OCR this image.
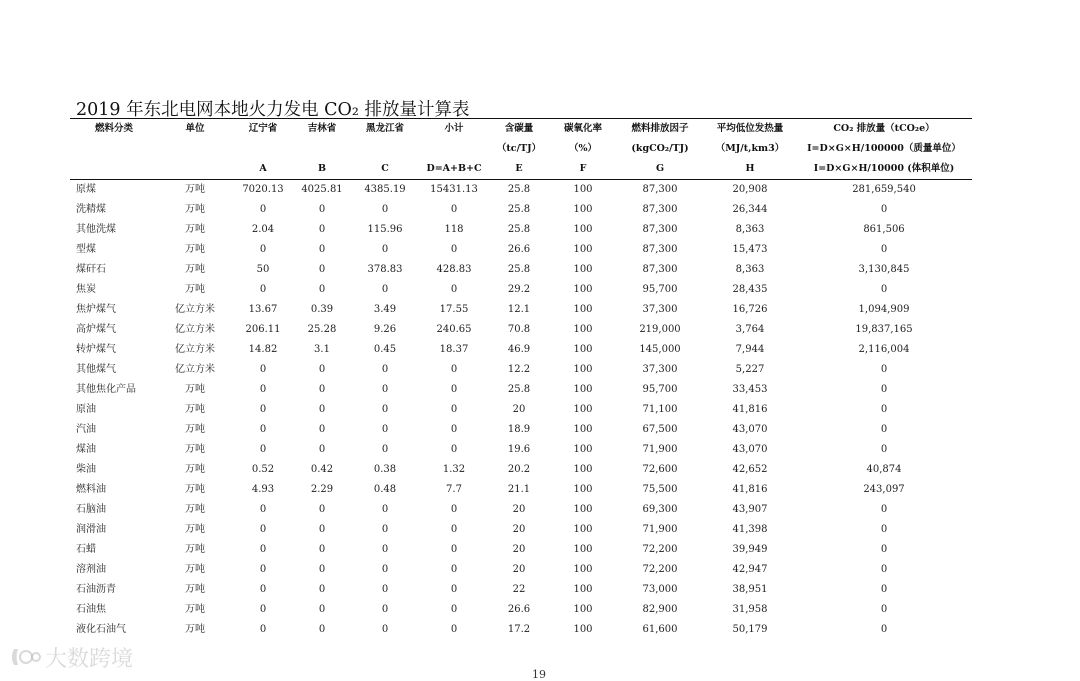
2019 年东北电网本地火力发电 CO₂ 排放量计算表
燃料分类	单位	辽宁省	吉林省	黑龙江省	小计	含碳量	碳氧化率	燃料排放因子	平均低位发热量	CO₂ 排放量（tCO₂e）
						（tc/TJ）	（%）	(kgCO₂/TJ)	（MJ/t,km3）	I=D×G×H/100000（质量单位）
		A	B	C	D=A+B+C	E	F	G	H	I=D×G×H/10000 (体积单位)
原煤	万吨	7020.13	4025.81	4385.19	15431.13	25.8	100	87,300	20,908	281,659,540
洗精煤	万吨	0	0	0	0	25.8	100	87,300	26,344	0
其他洗煤	万吨	2.04	0	115.96	118	25.8	100	87,300	8,363	861,506
型煤	万吨	0	0	0	0	26.6	100	87,300	15,473	0
煤矸石	万吨	50	0	378.83	428.83	25.8	100	87,300	8,363	3,130,845
焦炭	万吨	0	0	0	0	29.2	100	95,700	28,435	0
焦炉煤气	亿立方米	13.67	0.39	3.49	17.55	12.1	100	37,300	16,726	1,094,909
高炉煤气	亿立方米	206.11	25.28	9.26	240.65	70.8	100	219,000	3,764	19,837,165
转炉煤气	亿立方米	14.82	3.1	0.45	18.37	46.9	100	145,000	7,944	2,116,004
其他煤气	亿立方米	0	0	0	0	12.2	100	37,300	5,227	0
其他焦化产品	万吨	0	0	0	0	25.8	100	95,700	33,453	0
原油	万吨	0	0	0	0	20	100	71,100	41,816	0
汽油	万吨	0	0	0	0	18.9	100	67,500	43,070	0
煤油	万吨	0	0	0	0	19.6	100	71,900	43,070	0
柴油	万吨	0.52	0.42	0.38	1.32	20.2	100	72,600	42,652	40,874
燃料油	万吨	4.93	2.29	0.48	7.7	21.1	100	75,500	41,816	243,097
石脑油	万吨	0	0	0	0	20	100	69,300	43,907	0
润滑油	万吨	0	0	0	0	20	100	71,900	41,398	0
石蜡	万吨	0	0	0	0	20	100	72,200	39,949	0
溶剂油	万吨	0	0	0	0	20	100	72,200	42,947	0
石油沥青	万吨	0	0	0	0	22	100	73,000	38,951	0
石油焦	万吨	0	0	0	0	26.6	100	82,900	31,958	0
液化石油气	万吨	0	0	0	0	17.2	100	61,600	50,179	0
大数跨境
19
